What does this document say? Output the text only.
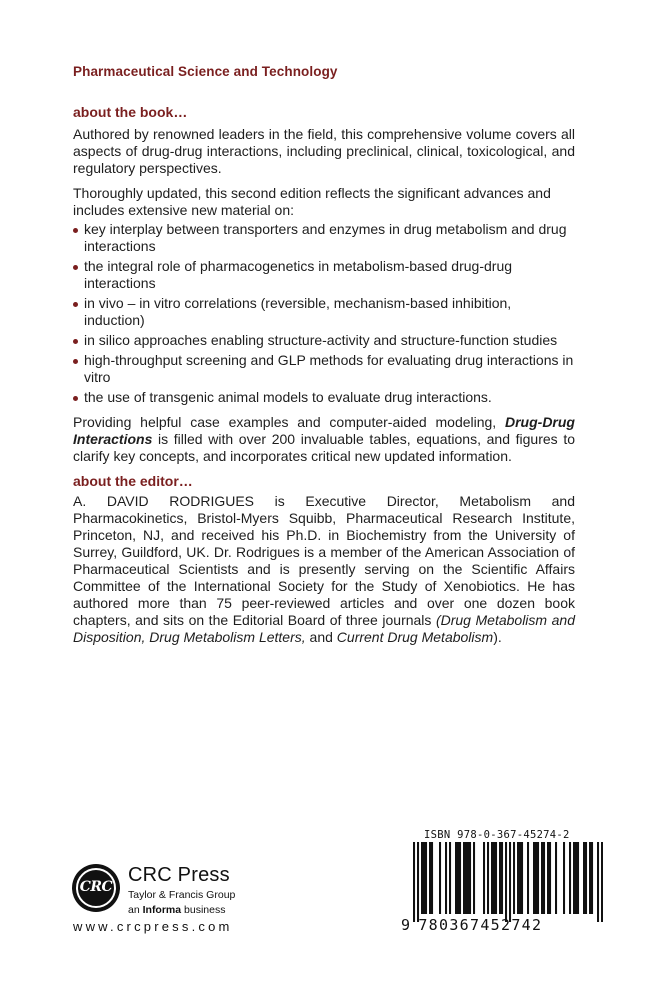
Pharmaceutical Science and Technology
about the book…

Authored by renowned leaders in the field, this comprehensive volume covers all aspects of drug-drug interactions, including preclinical, clinical, toxicological, and regulatory perspectives.

Thoroughly updated, this second edition reflects the significant advances and includes extensive new material on:

key interplay between transporters and enzymes in drug metabolism and drug interactions
the integral role of pharmacogenetics in metabolism-based drug-drug interactions
in vivo – in vitro correlations (reversible, mechanism-based inhibition, induction)
in silico approaches enabling structure-activity and structure-function studies
high-throughput screening and GLP methods for evaluating drug interactions in vitro
the use of transgenic animal models to evaluate drug interactions.

Providing helpful case examples and computer-aided modeling, Drug-Drug Interactions is filled with over 200 invaluable tables, equations, and figures to clarify key concepts, and incorporates critical new updated information.

about the editor…

A. DAVID RODRIGUES is Executive Director, Metabolism and Pharmacokinetics, Bristol-Myers Squibb, Pharmaceutical Research Institute, Princeton, NJ, and received his Ph.D. in Biochemistry from the University of Surrey, Guildford, UK. Dr. Rodrigues is a member of the American Association of Pharmaceutical Scientists and is presently serving on the Scientific Affairs Committee of the International Society for the Study of Xenobiotics. He has authored more than 75 peer-reviewed articles and over one dozen book chapters, and sits on the Editorial Board of three journals (Drug Metabolism and Disposition, Drug Metabolism Letters, and Current Drug Metabolism).

CRC
CRC Press
Taylor & Francis Group
an Informa business
www.crcpress.com
ISBN 978-0-367-45274-2
9 780367452742
